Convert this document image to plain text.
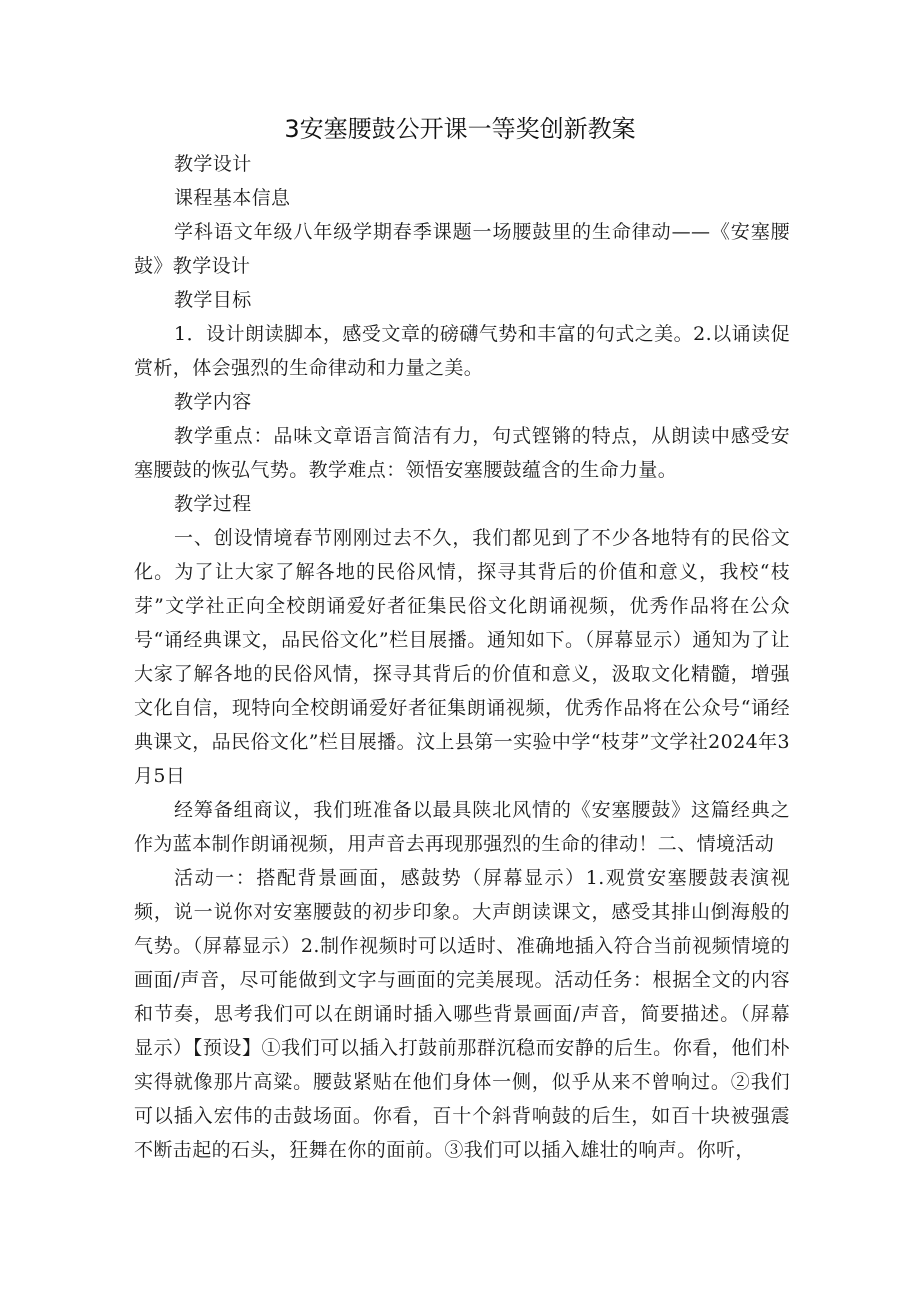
3安塞腰鼓公开课一等奖创新教案

教学设计

课程基本信息

学科语文年级八年级学期春季课题一场腰鼓里的生命律动——《安塞腰鼓》教学设计

教学目标

1．设计朗读脚本，感受文章的磅礴气势和丰富的句式之美。2.以诵读促赏析，体会强烈的生命律动和力量之美。

教学内容

教学重点：品味文章语言简洁有力，句式铿锵的特点，从朗读中感受安塞腰鼓的恢弘气势。教学难点：领悟安塞腰鼓蕴含的生命力量。

教学过程

一、创设情境春节刚刚过去不久，我们都见到了不少各地特有的民俗文化。为了让大家了解各地的民俗风情，探寻其背后的价值和意义，我校“枝芽”文学社正向全校朗诵爱好者征集民俗文化朗诵视频，优秀作品将在公众号“诵经典课文，品民俗文化”栏目展播。通知如下。（屏幕显示）通知为了让大家了解各地的民俗风情，探寻其背后的价值和意义，汲取文化精髓，增强文化自信，现特向全校朗诵爱好者征集朗诵视频，优秀作品将在公众号“诵经典课文，品民俗文化”栏目展播。汶上县第一实验中学“枝芽”文学社2024年3月5日

经筹备组商议，我们班准备以最具陕北风情的《安塞腰鼓》这篇经典之作为蓝本制作朗诵视频，用声音去再现那强烈的生命的律动！二、情境活动

活动一：搭配背景画面，感鼓势（屏幕显示）1.观赏安塞腰鼓表演视频，说一说你对安塞腰鼓的初步印象。大声朗读课文，感受其排山倒海般的气势。（屏幕显示）2.制作视频时可以适时、准确地插入符合当前视频情境的画面/声音，尽可能做到文字与画面的完美展现。活动任务：根据全文的内容和节奏，思考我们可以在朗诵时插入哪些背景画面/声音，简要描述。（屏幕显示）【预设】①我们可以插入打鼓前那群沉稳而安静的后生。你看，他们朴实得就像那片高粱。腰鼓紧贴在他们身体一侧，似乎从来不曾响过。②我们可以插入宏伟的击鼓场面。你看，百十个斜背响鼓的后生，如百十块被强震不断击起的石头，狂舞在你的面前。③我们可以插入雄壮的响声。你听，
